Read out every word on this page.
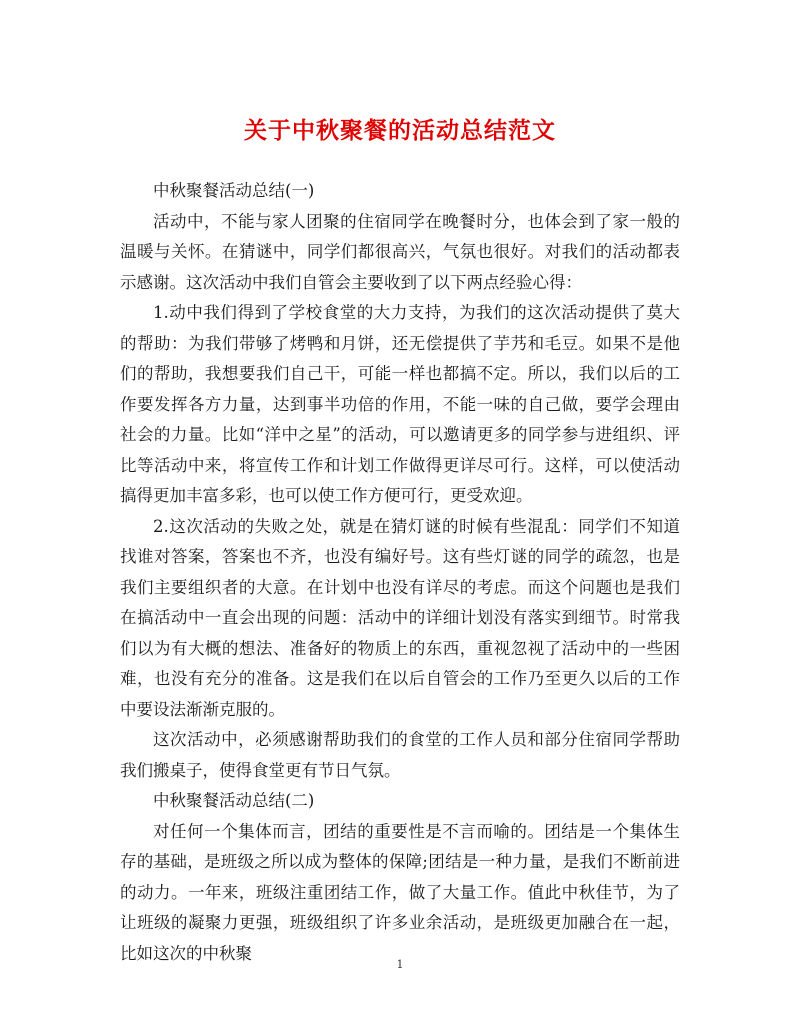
关于中秋聚餐的活动总结范文

中秋聚餐活动总结(一)

活动中，不能与家人团聚的住宿同学在晚餐时分，也体会到了家一般的温暖与关怀。在猜谜中，同学们都很高兴，气氛也很好。对我们的活动都表示感谢。这次活动中我们自管会主要收到了以下两点经验心得：

1.动中我们得到了学校食堂的大力支持，为我们的这次活动提供了莫大的帮助：为我们带够了烤鸭和月饼，还无偿提供了芋艿和毛豆。如果不是他们的帮助，我想要我们自己干，可能一样也都搞不定。所以，我们以后的工作要发挥各方力量，达到事半功倍的作用，不能一味的自己做，要学会理由社会的力量。比如“洋中之星”的活动，可以邀请更多的同学参与进组织、评比等活动中来，将宣传工作和计划工作做得更详尽可行。这样，可以使活动搞得更加丰富多彩，也可以使工作方便可行，更受欢迎。

2.这次活动的失败之处，就是在猜灯谜的时候有些混乱：同学们不知道找谁对答案，答案也不齐，也没有编好号。这有些灯谜的同学的疏忽，也是我们主要组织者的大意。在计划中也没有详尽的考虑。而这个问题也是我们在搞活动中一直会出现的问题：活动中的详细计划没有落实到细节。时常我们以为有大概的想法、准备好的物质上的东西，重视忽视了活动中的一些困难，也没有充分的准备。这是我们在以后自管会的工作乃至更久以后的工作中要设法渐渐克服的。

这次活动中，必须感谢帮助我们的食堂的工作人员和部分住宿同学帮助我们搬桌子，使得食堂更有节日气氛。

中秋聚餐活动总结(二)

对任何一个集体而言，团结的重要性是不言而喻的。团结是一个集体生存的基础，是班级之所以成为整体的保障;团结是一种力量，是我们不断前进的动力。一年来，班级注重团结工作，做了大量工作。值此中秋佳节，为了让班级的凝聚力更强，班级组织了许多业余活动，是班级更加融合在一起，比如这次的中秋聚

1
